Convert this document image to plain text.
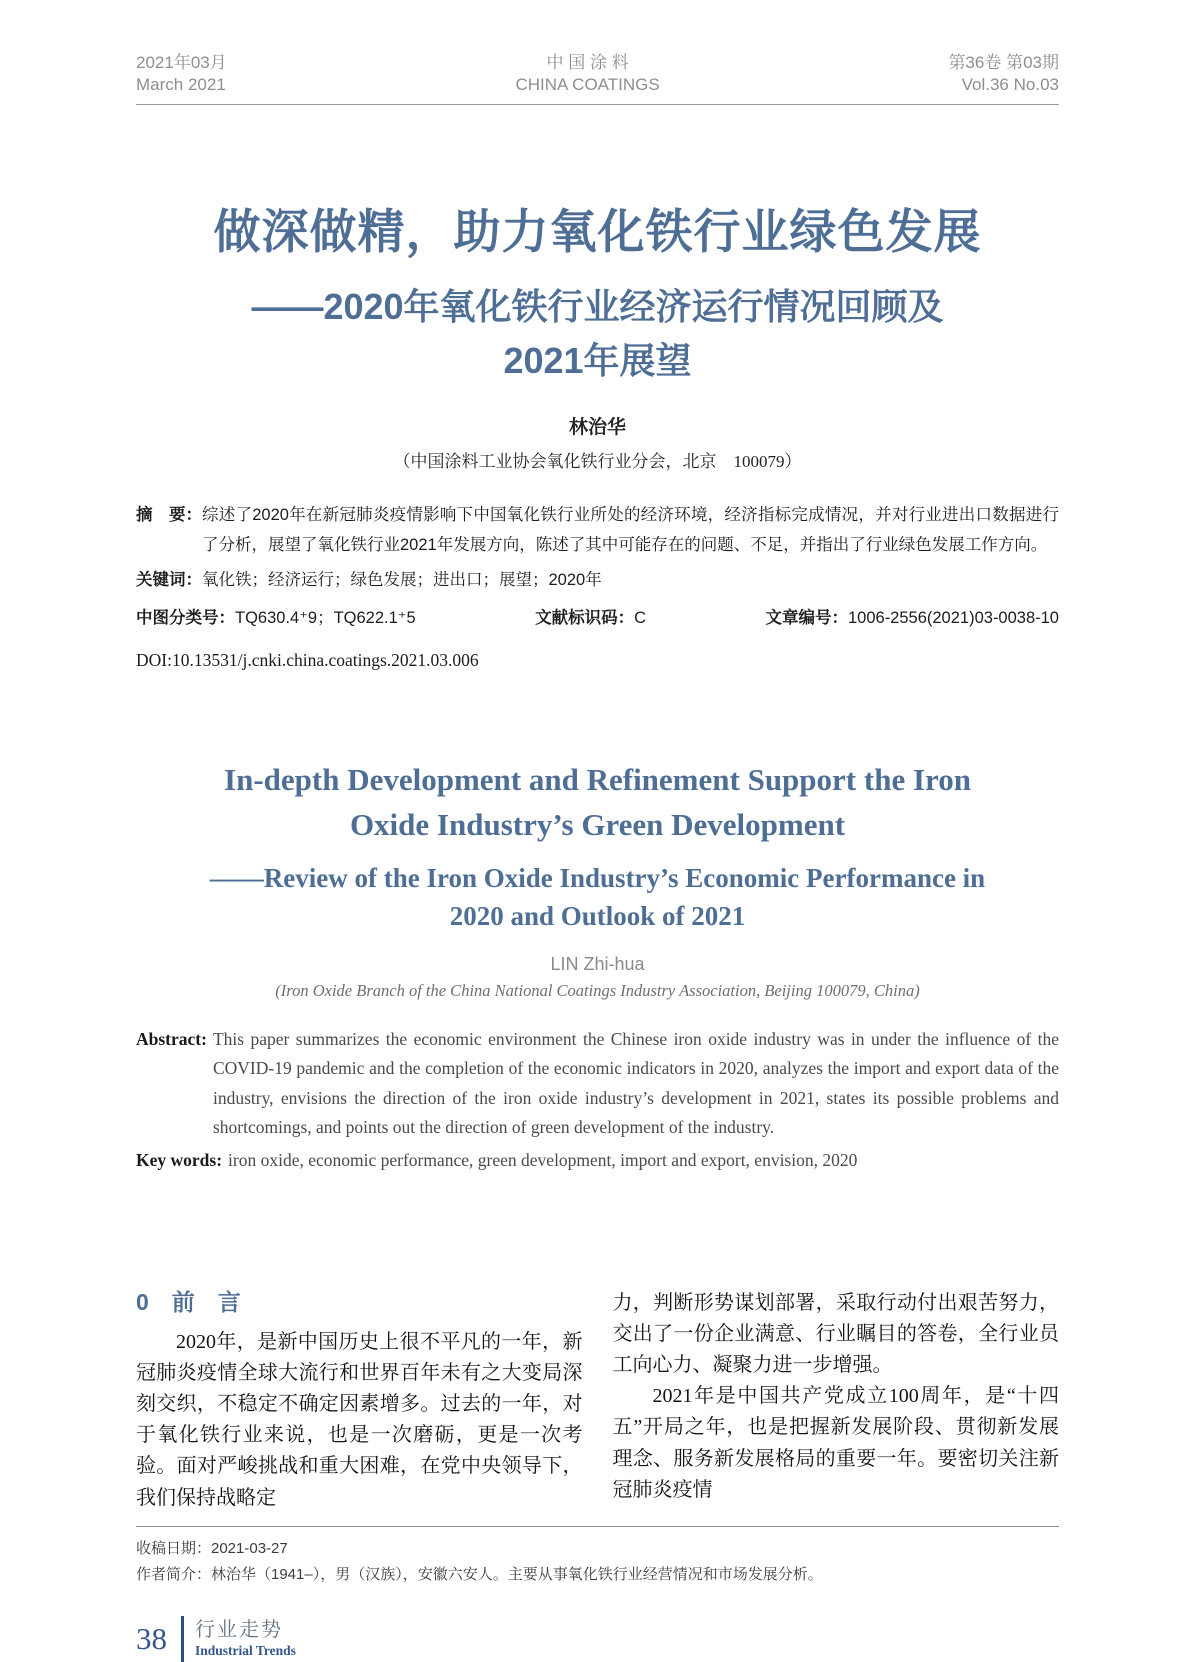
2021年03月
March 2021
中 国 涂 料
CHINA COATINGS
第36卷 第03期
Vol.36 No.03
做深做精，助力氧化铁行业绿色发展
——2020年氧化铁行业经济运行情况回顾及
2021年展望
林治华
（中国涂料工业协会氧化铁行业分会，北京　100079）
摘　要： 综述了2020年在新冠肺炎疫情影响下中国氧化铁行业所处的经济环境，经济指标完成情况，并对行业进出口数据进行了分析，展望了氧化铁行业2021年发展方向，陈述了其中可能存在的问题、不足，并指出了行业绿色发展工作方向。
关键词： 氧化铁；经济运行；绿色发展；进出口；展望；2020年
中图分类号：TQ630.4⁺9；TQ622.1⁺5	文献标识码：C	文章编号：1006-2556(2021)03-0038-10
DOI:10.13531/j.cnki.china.coatings.2021.03.006
In-depth Development and Refinement Support the Iron
Oxide Industry’s Green Development
——Review of the Iron Oxide Industry’s Economic Performance in
2020 and Outlook of 2021
LIN Zhi-hua
(Iron Oxide Branch of the China National Coatings Industry Association, Beijing 100079, China)
Abstract: This paper summarizes the economic environment the Chinese iron oxide industry was in under the influence of the COVID-19 pandemic and the completion of the economic indicators in 2020, analyzes the import and export data of the industry, envisions the direction of the iron oxide industry’s development in 2021, states its possible problems and shortcomings, and points out the direction of green development of the industry.
Key words: iron oxide, economic performance, green development, import and export, envision, 2020
0　前　言

2020年，是新中国历史上很不平凡的一年，新冠肺炎疫情全球大流行和世界百年未有之大变局深刻交织，不稳定不确定因素增多。过去的一年，对于氧化铁行业来说，也是一次磨砺，更是一次考验。面对严峻挑战和重大困难，在党中央领导下，我们保持战略定

力，判断形势谋划部署，采取行动付出艰苦努力，交出了一份企业满意、行业瞩目的答卷，全行业员工向心力、凝聚力进一步增强。

2021年是中国共产党成立100周年，是“十四五”开局之年，也是把握新发展阶段、贯彻新发展理念、服务新发展格局的重要一年。要密切关注新冠肺炎疫情

收稿日期：2021-03-27
作者简介：林治华（1941–），男（汉族），安徽六安人。主要从事氧化铁行业经营情况和市场发展分析。
38 行业走势
Industrial Trends
